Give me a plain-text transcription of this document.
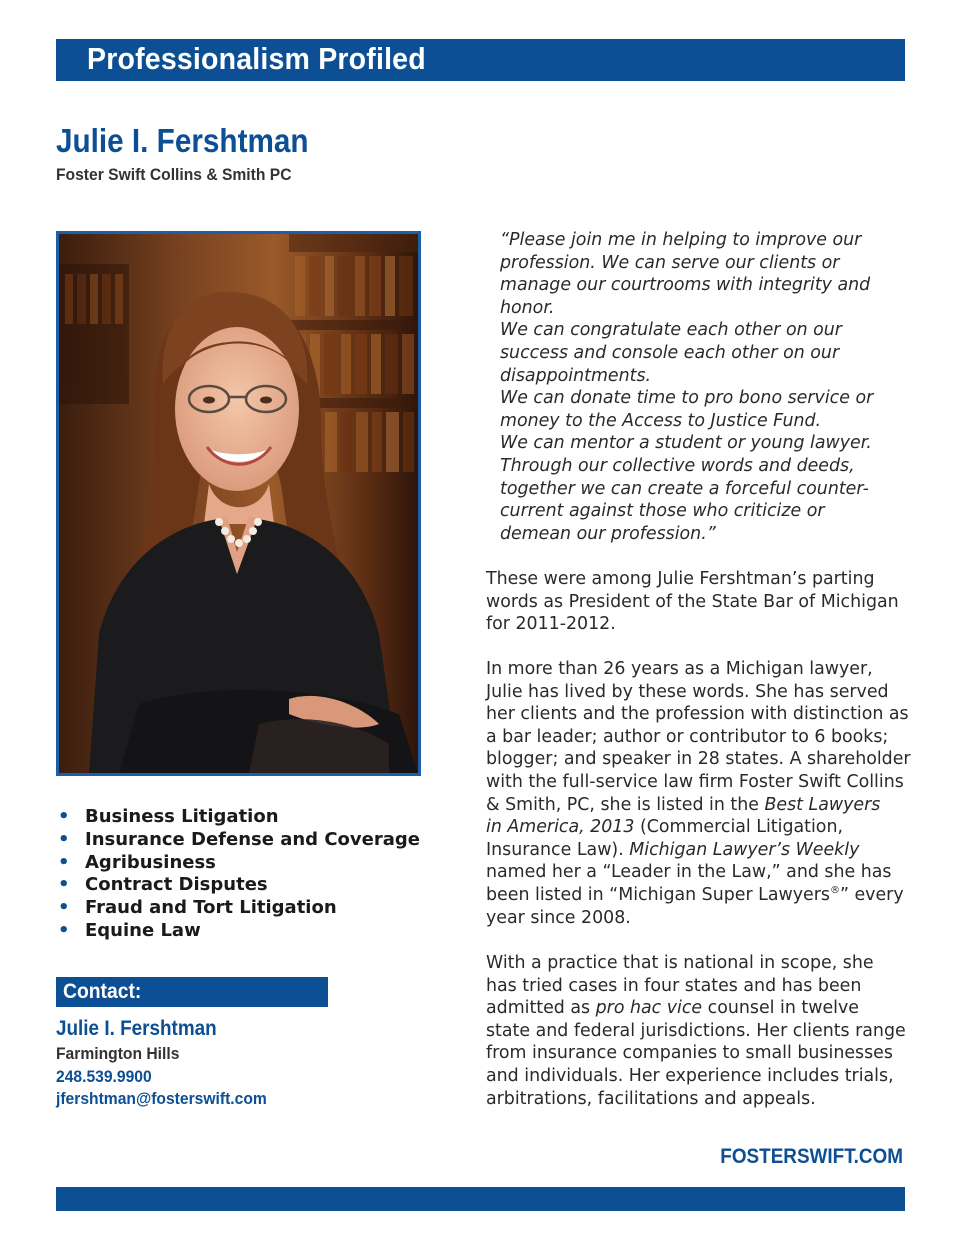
Professionalism Profiled
Julie I. Fershtman
Foster Swift Collins & Smith PC
• Business Litigation
• Insurance Defense and Coverage
• Agribusiness
• Contract Disputes
• Fraud and Tort Litigation
• Equine Law
Contact:
Julie I. Fershtman
Farmington Hills
248.539.9900
jfershtman@fosterswift.com
“Please join me in helping to improve our
profession. We can serve our clients or
manage our courtrooms with integrity and
honor.
We can congratulate each other on our
success and console each other on our
disappointments.
We can donate time to pro bono service or
money to the Access to Justice Fund.
We can mentor a student or young lawyer.
Through our collective words and deeds,
together we can create a forceful counter-
current against those who criticize or
demean our profession.”
These were among Julie Fershtman’s parting
words as President of the State Bar of Michigan
for 2011-2012.
In more than 26 years as a Michigan lawyer,
Julie has lived by these words. She has served
her clients and the profession with distinction as
a bar leader; author or contributor to 6 books;
blogger; and speaker in 28 states. A shareholder
with the full-service law firm Foster Swift Collins
& Smith, PC, she is listed in the Best Lawyers
in America, 2013 (Commercial Litigation,
Insurance Law). Michigan Lawyer’s Weekly
named her a “Leader in the Law,” and she has
been listed in “Michigan Super Lawyers®” every
year since 2008.
With a practice that is national in scope, she
has tried cases in four states and has been
admitted as pro hac vice counsel in twelve
state and federal jurisdictions. Her clients range
from insurance companies to small businesses
and individuals. Her experience includes trials,
arbitrations, facilitations and appeals.
FOSTERSWIFT.COM
